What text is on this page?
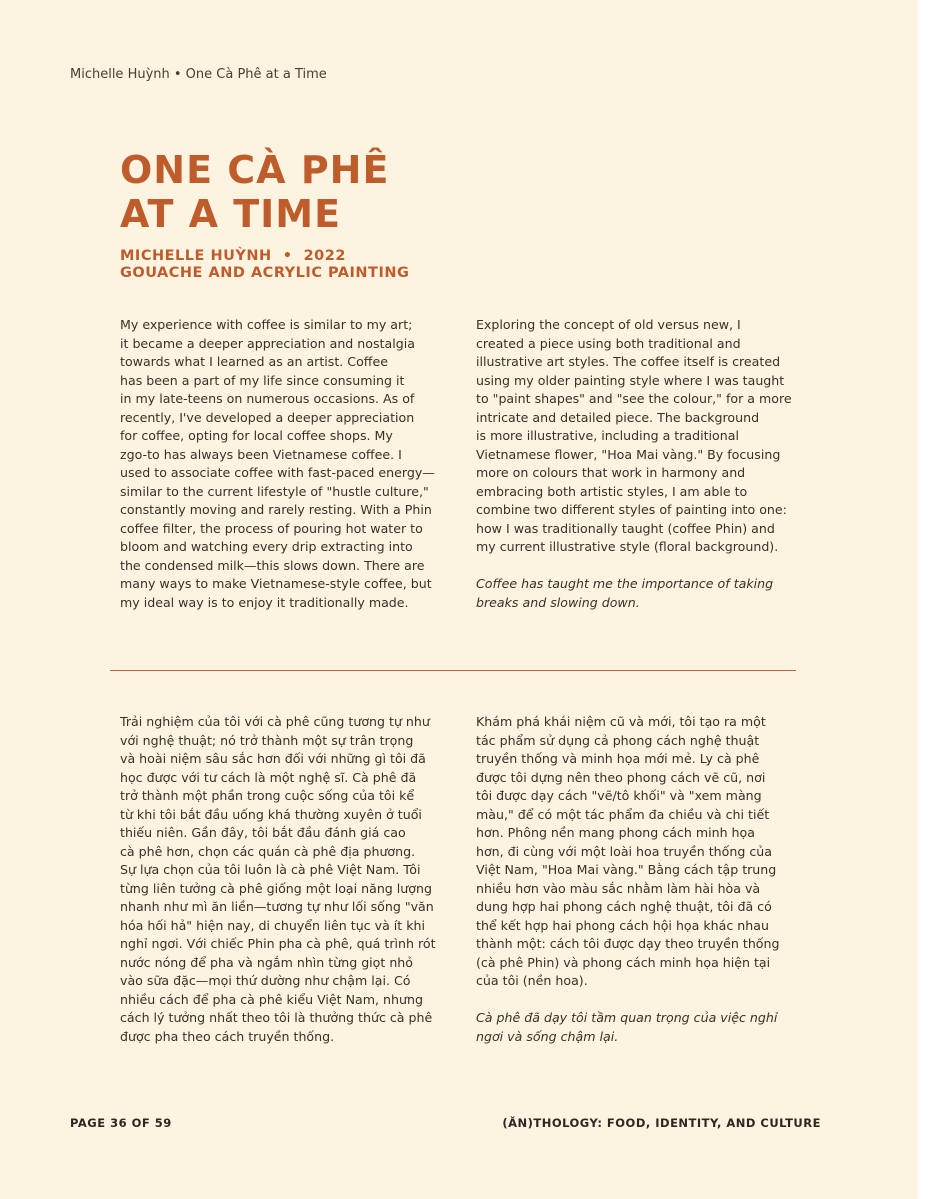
Michelle Huỳnh • One Cà Phê at a Time
ONE CÀ PHÊ
AT A TIME
MICHELLE HUỲNH  •  2022
GOUACHE AND ACRYLIC PAINTING

My experience with coffee is similar to my art;
it became a deeper appreciation and nostalgia
towards what I learned as an artist. Coffee
has been a part of my life since consuming it
in my late-teens on numerous occasions. As of
recently, I've developed a deeper appreciation
for coffee, opting for local coffee shops. My
zgo-to has always been Vietnamese coffee. I
used to associate coffee with fast-paced energy—
similar to the current lifestyle of "hustle culture,"
constantly moving and rarely resting. With a Phin
coffee filter, the process of pouring hot water to
bloom and watching every drip extracting into
the condensed milk—this slows down. There are
many ways to make Vietnamese-style coffee, but
my ideal way is to enjoy it traditionally made.

Exploring the concept of old versus new, I
created a piece using both traditional and
illustrative art styles. The coffee itself is created
using my older painting style where I was taught
to "paint shapes" and "see the colour," for a more
intricate and detailed piece. The background
is more illustrative, including a traditional
Vietnamese flower, "Hoa Mai vàng." By focusing
more on colours that work in harmony and
embracing both artistic styles, I am able to
combine two different styles of painting into one:
how I was traditionally taught (coffee Phin) and
my current illustrative style (floral background).

Coffee has taught me the importance of taking
breaks and slowing down.

Trải nghiệm của tôi với cà phê cũng tương tự như
với nghệ thuật; nó trở thành một sự trân trọng
và hoài niệm sâu sắc hơn đối với những gì tôi đã
học được với tư cách là một nghệ sĩ. Cà phê đã
trở thành một phần trong cuộc sống của tôi kể
từ khi tôi bắt đầu uống khá thường xuyên ở tuổi
thiếu niên. Gần đây, tôi bắt đầu đánh giá cao
cà phê hơn, chọn các quán cà phê địa phương.
Sự lựa chọn của tôi luôn là cà phê Việt Nam. Tôi
từng liên tưởng cà phê giống một loại năng lượng
nhanh như mì ăn liền—tương tự như lối sống "văn
hóa hối hả" hiện nay, di chuyển liên tục và ít khi
nghỉ ngơi. Với chiếc Phin pha cà phê, quá trình rót
nước nóng để pha và ngắm nhìn từng giọt nhỏ
vào sữa đặc—mọi thứ dường như chậm lại. Có
nhiều cách để pha cà phê kiểu Việt Nam, nhưng
cách lý tưởng nhất theo tôi là thưởng thức cà phê
được pha theo cách truyền thống.

Khám phá khái niệm cũ và mới, tôi tạo ra một
tác phẩm sử dụng cả phong cách nghệ thuật
truyền thống và minh họa mới mẻ. Ly cà phê
được tôi dựng nên theo phong cách vẽ cũ, nơi
tôi được dạy cách "vẽ/tô khối" và "xem màng
màu," để có một tác phẩm đa chiều và chi tiết
hơn. Phông nền mang phong cách minh họa
hơn, đi cùng với một loài hoa truyền thống của
Việt Nam, "Hoa Mai vàng." Bằng cách tập trung
nhiều hơn vào màu sắc nhằm làm hài hòa và
dung hợp hai phong cách nghệ thuật, tôi đã có
thể kết hợp hai phong cách hội họa khác nhau
thành một: cách tôi được dạy theo truyền thống
(cà phê Phin) và phong cách minh họa hiện tại
của tôi (nền hoa).

Cà phê đã dạy tôi tầm quan trọng của việc nghỉ
ngơi và sống chậm lại.

PAGE 36 OF 59	(ĂN)THOLOGY: FOOD, IDENTITY, AND CULTURE
